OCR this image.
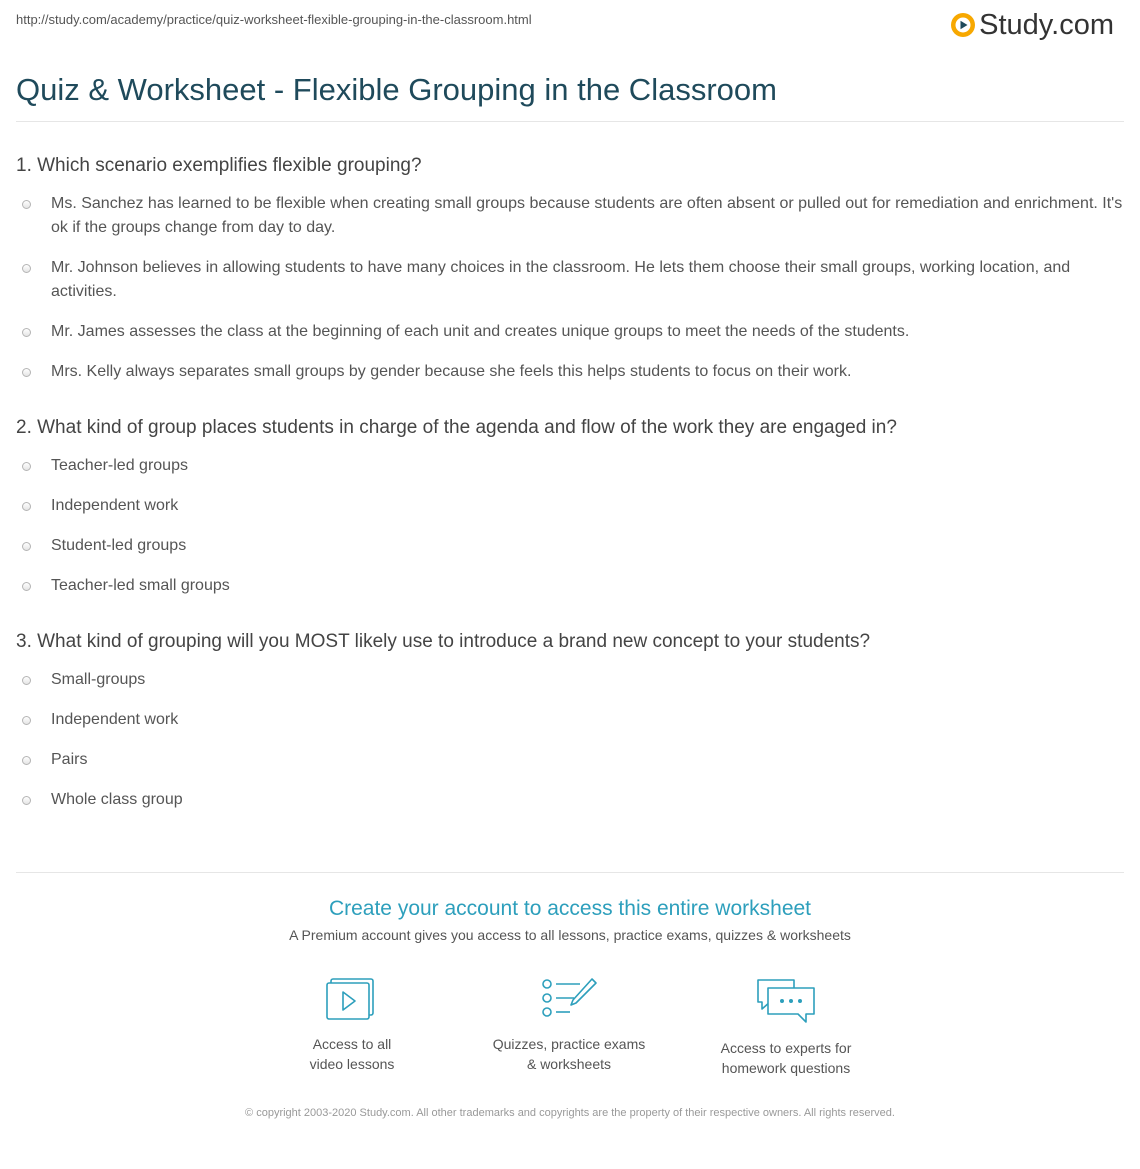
http://study.com/academy/practice/quiz-worksheet-flexible-grouping-in-the-classroom.html	Study.com
Quiz & Worksheet - Flexible Grouping in the Classroom
1. Which scenario exemplifies flexible grouping?
Ms. Sanchez has learned to be flexible when creating small groups because students are often absent or pulled out for remediation and enrichment. It's ok if the groups change from day to day.
Mr. Johnson believes in allowing students to have many choices in the classroom. He lets them choose their small groups, working location, and activities.
Mr. James assesses the class at the beginning of each unit and creates unique groups to meet the needs of the students.
Mrs. Kelly always separates small groups by gender because she feels this helps students to focus on their work.
2. What kind of group places students in charge of the agenda and flow of the work they are engaged in?
Teacher-led groups
Independent work
Student-led groups
Teacher-led small groups
3. What kind of grouping will you MOST likely use to introduce a brand new concept to your students?
Small-groups
Independent work
Pairs
Whole class group
Create your account to access this entire worksheet
A Premium account gives you access to all lessons, practice exams, quizzes & worksheets
Access to all
video lessons
Quizzes, practice exams
& worksheets
Access to experts for
homework questions
© copyright 2003-2020 Study.com. All other trademarks and copyrights are the property of their respective owners. All rights reserved.
